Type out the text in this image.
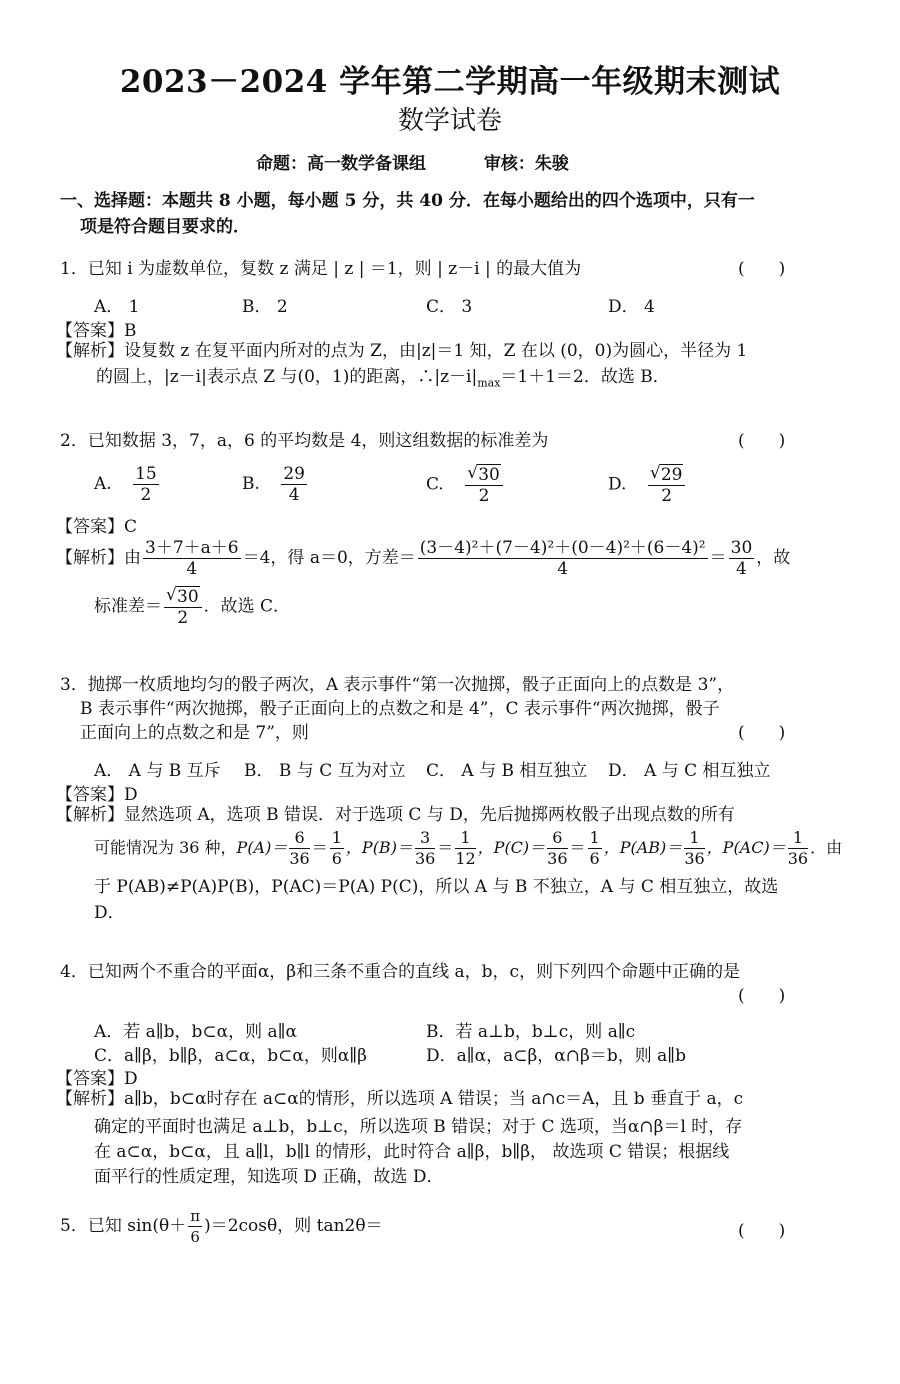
2023－2024 学年第二学期高一年级期末测试
数学试卷
命题：高一数学备课组	审核：朱骏
一、选择题：本题共 8 小题，每小题 5 分，共 40 分．在每小题给出的四个选项中，只有一
项是符合题目要求的．
1．已知 i 为虚数单位，复数 z 满足 | z | ＝1，则 | z－i | 的最大值为	(　　)
A． 1	B． 2	C． 3	D． 4
【答案】B
【解析】设复数 z 在复平面内所对的点为 Z，由|z|＝1 知，Z 在以 (0，0)为圆心，半径为 1
的圆上，|z－i|表示点 Z 与(0，1)的距离，$\therefore|z-i|_{max}=1+1=2$．故选 B．
2．已知数据 3，7，a，6 的平均数是 4，则这组数据的标准差为	(　　)
A. $\frac{15}{2}$	B. $\frac{29}{4}$	C. √ $\frac{30}{2}$	D. √ $\frac{29}{2}$
【答案】C
【解析】由 $\frac{3+7+a+6}{4} =4$，得 a＝0，方差＝ $\frac{\text{(3－4)²＋(7－4)²＋(0－4)²＋(6－4)²}}{4} = \frac{30}{4}$ ，故
标准差＝ √ $\frac{30}{2}$ ．故选 C．
3．抛掷一枚质地均匀的骰子两次，A 表示事件“第一次抛掷，骰子正面向上的点数是 3”，
B 表示事件“两次抛掷，骰子正面向上的点数之和是 4”，C 表示事件“两次抛掷，骰子
正面向上的点数之和是 7”，则	(　　)
A． A 与 B 互斥 B． B 与 C 互为对立 C． A 与 B 相互独立 D． A 与 C 相互独立
【答案】D
【解析】显然选项 A，选项 B 错误．对于选项 C 与 D，先后抛掷两枚骰子出现点数的所有
可能情况为 36 种，$P(A)= \frac{6}{36} = \frac{1}{6}$ ，$P(B)= \frac{3}{36} = \frac{1}{12}$ ，$P(C)= \frac{6}{36} = \frac{1}{6}$ ，$P(AB)= \frac{1}{36}$ ，$P(AC)= \frac{1}{36}$ ．由
于 P(AB)≠P(A)P(B)，P(AC)＝P(A) P(C)，所以 A 与 B 不独立，A 与 C 相互独立，故选
D．
4．已知两个不重合的平面α，β和三条不重合的直线 a，b，c，则下列四个命题中正确的是
(　　)
A．若 a∥b，b⊂α，则 a∥α	B．若 a⊥b，b⊥c，则 a∥c
C．a∥β，b∥β，a⊂α，b⊂α，则α∥β	D．a∥α，a⊂β，α∩β＝b，则 a∥b
【答案】D
【解析】a∥b，b⊂α时存在 a⊂α的情形，所以选项 A 错误；当 a∩c＝A，且 b 垂直于 a，c
确定的平面时也满足 a⊥b，b⊥c，所以选项 B 错误；对于 C 选项，当α∩β＝l 时，存
在 a⊂α，b⊂α，且 a∥l，b∥l 的情形，此时符合 a∥β，b∥β， 故选项 C 错误；根据线
面平行的性质定理，知选项 D 正确，故选 D．
5．已知 $\sin(\theta+ \frac{\pi}{6} )=2\cos\theta$，则 tan2θ＝	(　　)
